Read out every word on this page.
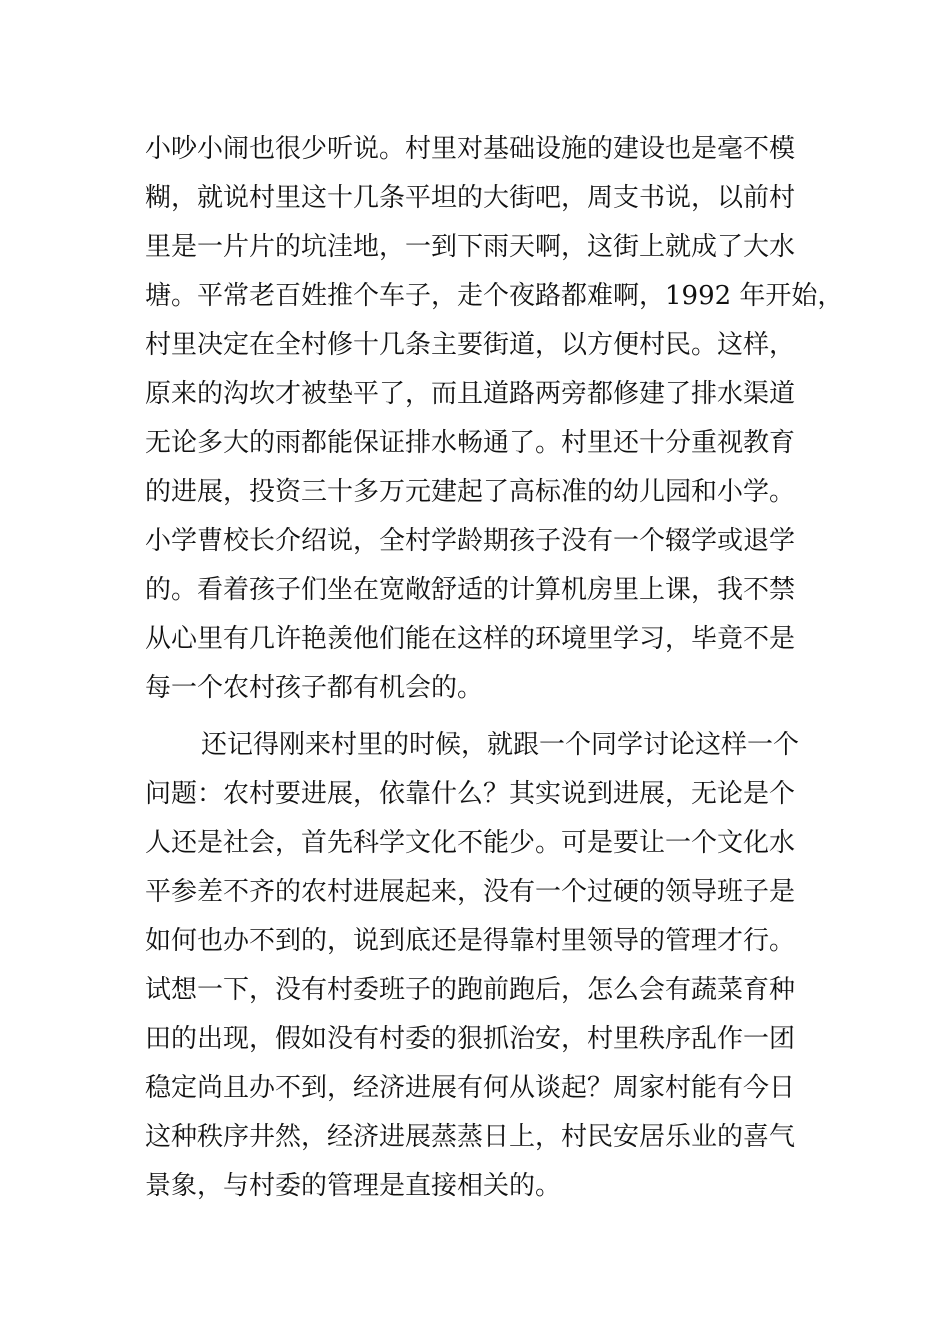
小吵小闹也很少听说。村里对基础设施的建设也是毫不模
糊，就说村里这十几条平坦的大街吧，周支书说，以前村
里是一片片的坑洼地，一到下雨天啊，这街上就成了大水
塘。平常老百姓推个车子，走个夜路都难啊，1992 年开始，
村里决定在全村修十几条主要街道，以方便村民。这样，
原来的沟坎才被垫平了，而且道路两旁都修建了排水渠道
无论多大的雨都能保证排水畅通了。村里还十分重视教育
的进展，投资三十多万元建起了高标准的幼儿园和小学。
小学曹校长介绍说，全村学龄期孩子没有一个辍学或退学
的。看着孩子们坐在宽敞舒适的计算机房里上课，我不禁
从心里有几许艳羡他们能在这样的环境里学习，毕竟不是
每一个农村孩子都有机会的。
还记得刚来村里的时候，就跟一个同学讨论这样一个
问题：农村要进展，依靠什么？其实说到进展，无论是个
人还是社会，首先科学文化不能少。可是要让一个文化水
平参差不齐的农村进展起来，没有一个过硬的领导班子是
如何也办不到的，说到底还是得靠村里领导的管理才行。
试想一下，没有村委班子的跑前跑后，怎么会有蔬菜育种
田的出现，假如没有村委的狠抓治安，村里秩序乱作一团
稳定尚且办不到，经济进展有何从谈起？周家村能有今日
这种秩序井然，经济进展蒸蒸日上，村民安居乐业的喜气
景象，与村委的管理是直接相关的。
